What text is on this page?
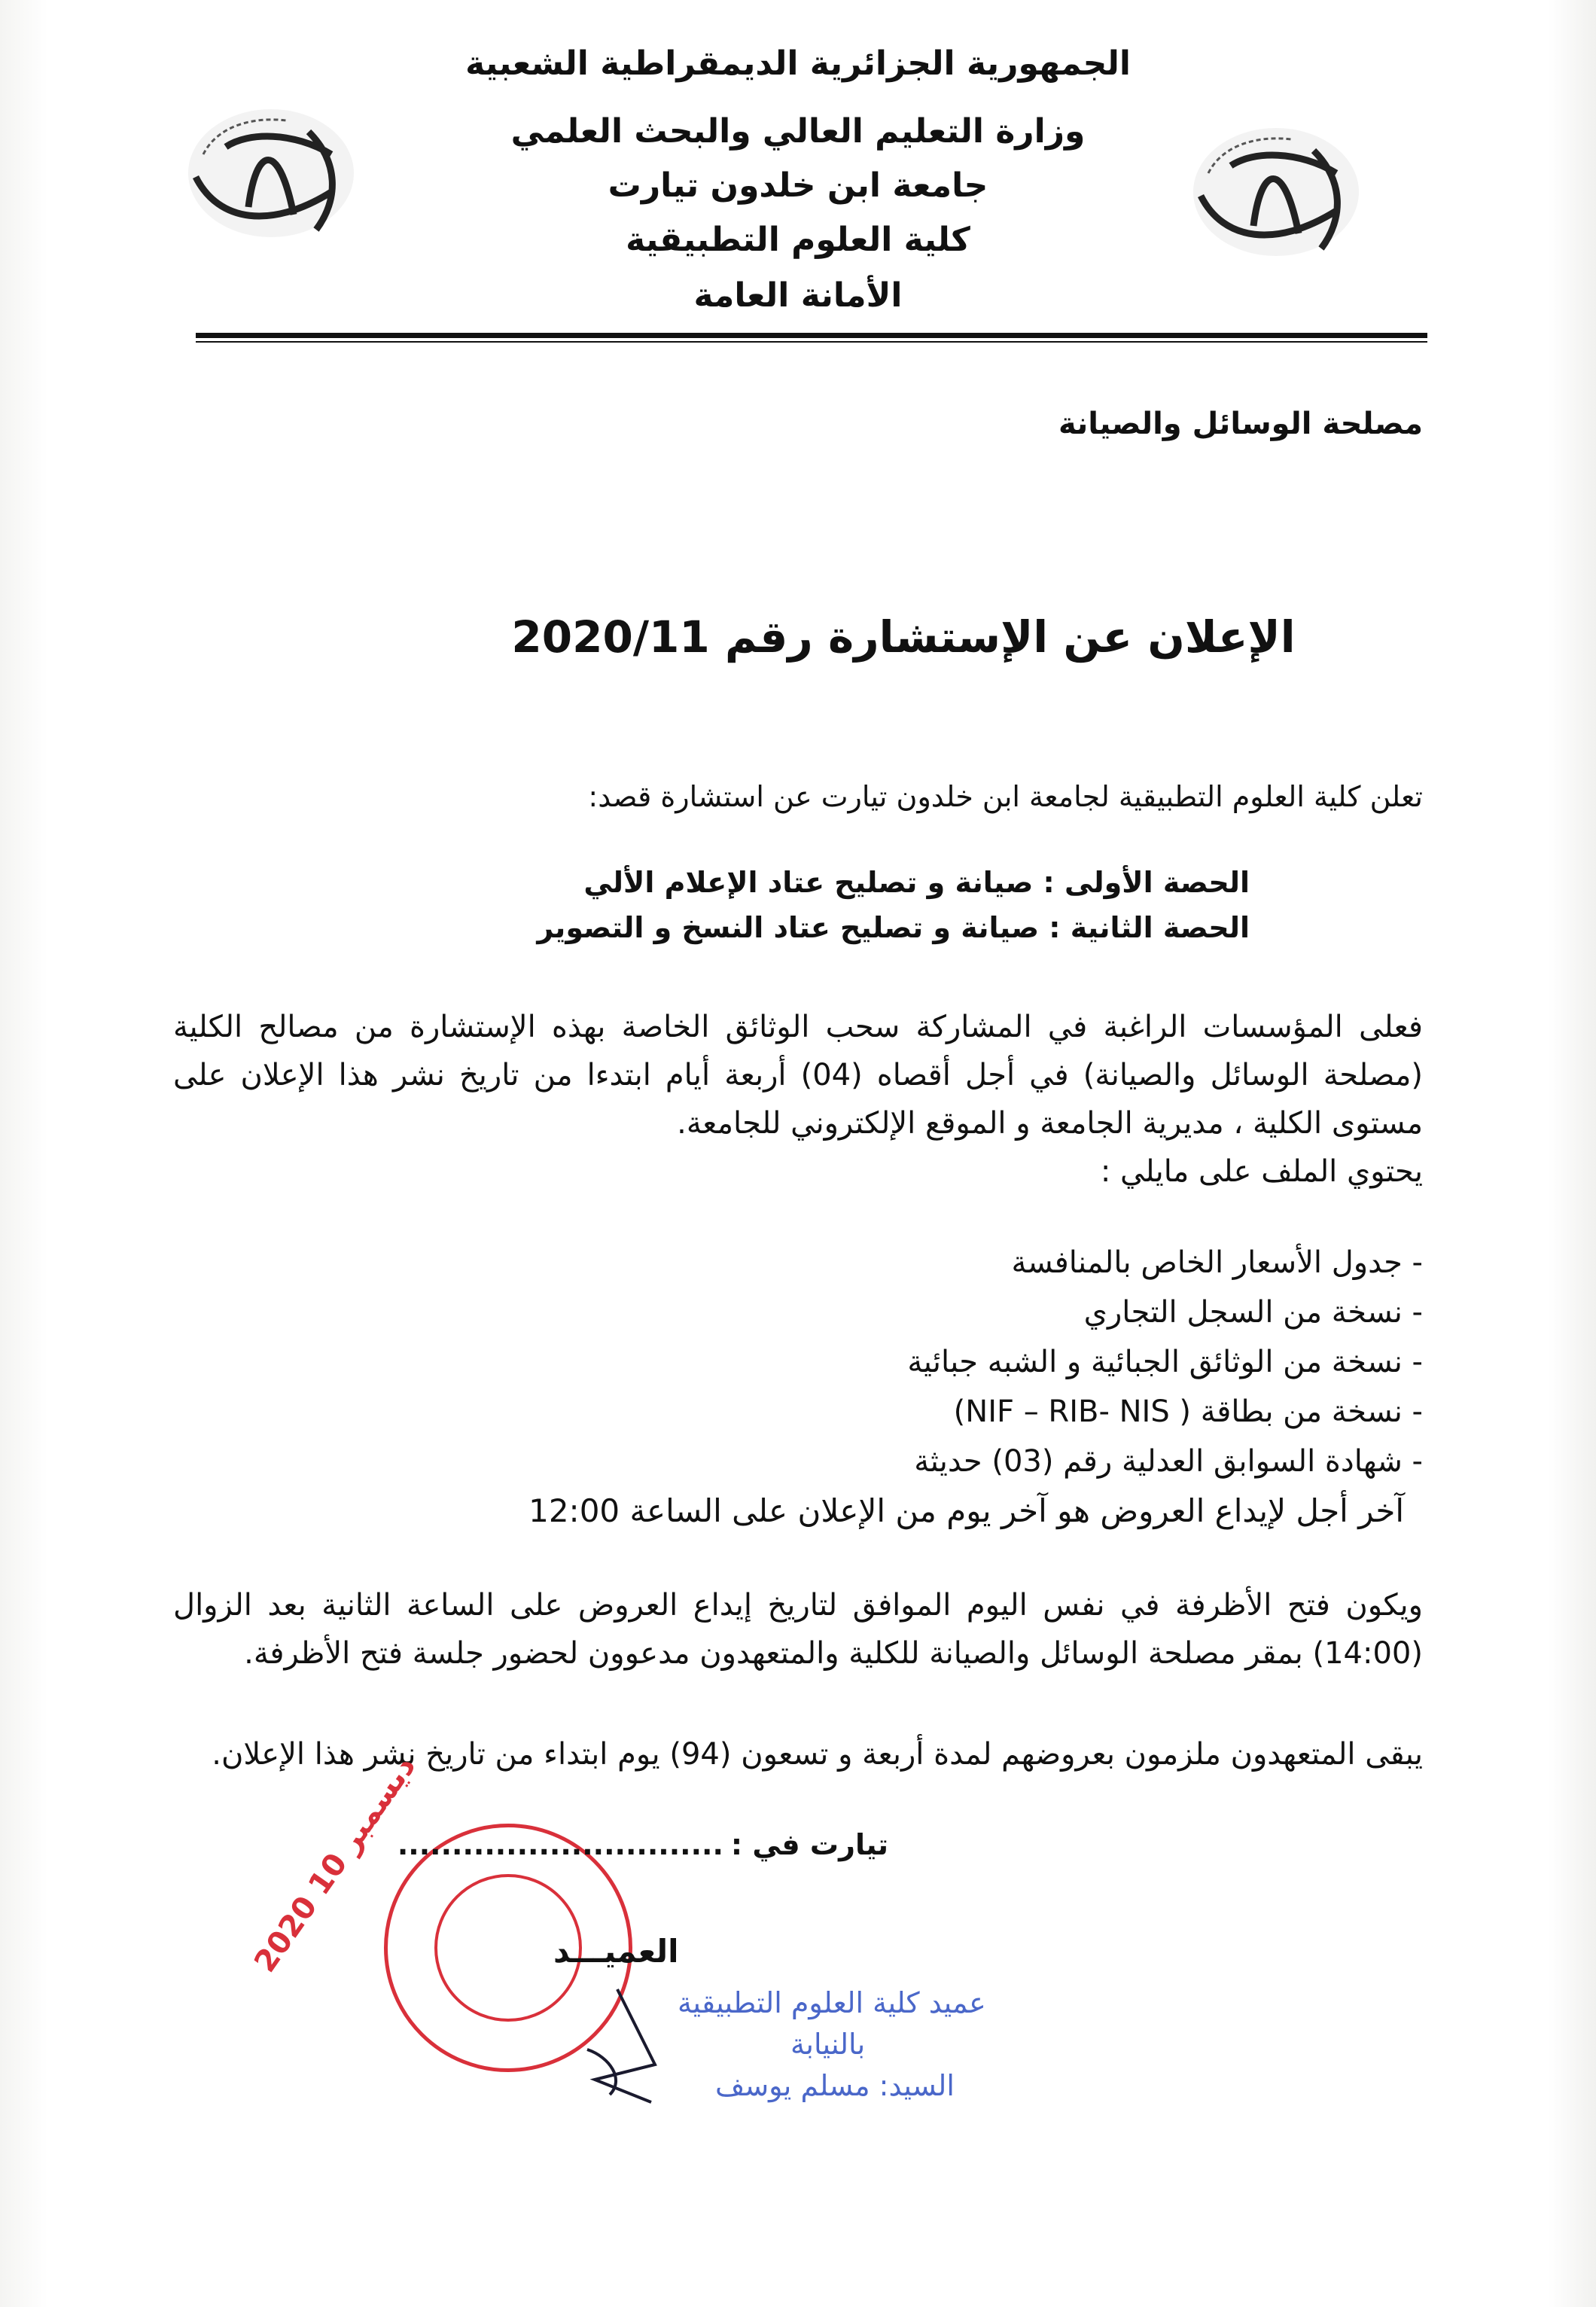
الجمهورية الجزائرية الديمقراطية الشعبية
وزارة التعليم العالي والبحث العلمي
جامعة ابن خلدون تيارت
كلية العلوم التطبيقية
الأمانة العامة
مصلحة الوسائل والصيانة
الإعلان عن الإستشارة رقم 2020/11
تعلن كلية العلوم التطبيقية لجامعة ابن خلدون تيارت عن استشارة قصد:
الحصة الأولى : صيانة و تصليح عتاد الإعلام الألي
الحصة الثانية : صيانة و تصليح عتاد النسخ و التصوير
فعلى المؤسسات الراغبة في المشاركة سحب الوثائق الخاصة بهذه الإستشارة من مصالح الكلية (مصلحة الوسائل والصيانة) في أجل أقصاه (04) أربعة أيام ابتدءا من تاريخ نشر هذا الإعلان على مستوى الكلية ، مديرية الجامعة و الموقع الإلكتروني للجامعة.
يحتوي الملف على مايلي :
- جدول الأسعار الخاص بالمنافسة
- نسخة من السجل التجاري
- نسخة من الوثائق الجبائية و الشبه جبائية
- نسخة من بطاقة ( NIF – RIB- NIS)
- شهادة السوابق العدلية رقم (03) حديثة
آخر أجل لإيداع العروض هو آخر يوم من الإعلان على الساعة 12:00
ويكون فتح الأظرفة في نفس اليوم الموافق لتاريخ إيداع العروض على الساعة الثانية بعد الزوال (14:00) بمقر مصلحة الوسائل والصيانة للكلية والمتعهدون مدعوون لحضور جلسة فتح الأظرفة.
يبقى المتعهدون ملزمون بعروضهم لمدة أربعة و تسعون (94) يوم ابتداء من تاريخ نشر هذا الإعلان.
2020 ديسمبر 10	تيارت في :
..............................
العميـــد
عميد كلية العلوم التطبيقية
بالنيابة
السيد: مسلم يوسف
